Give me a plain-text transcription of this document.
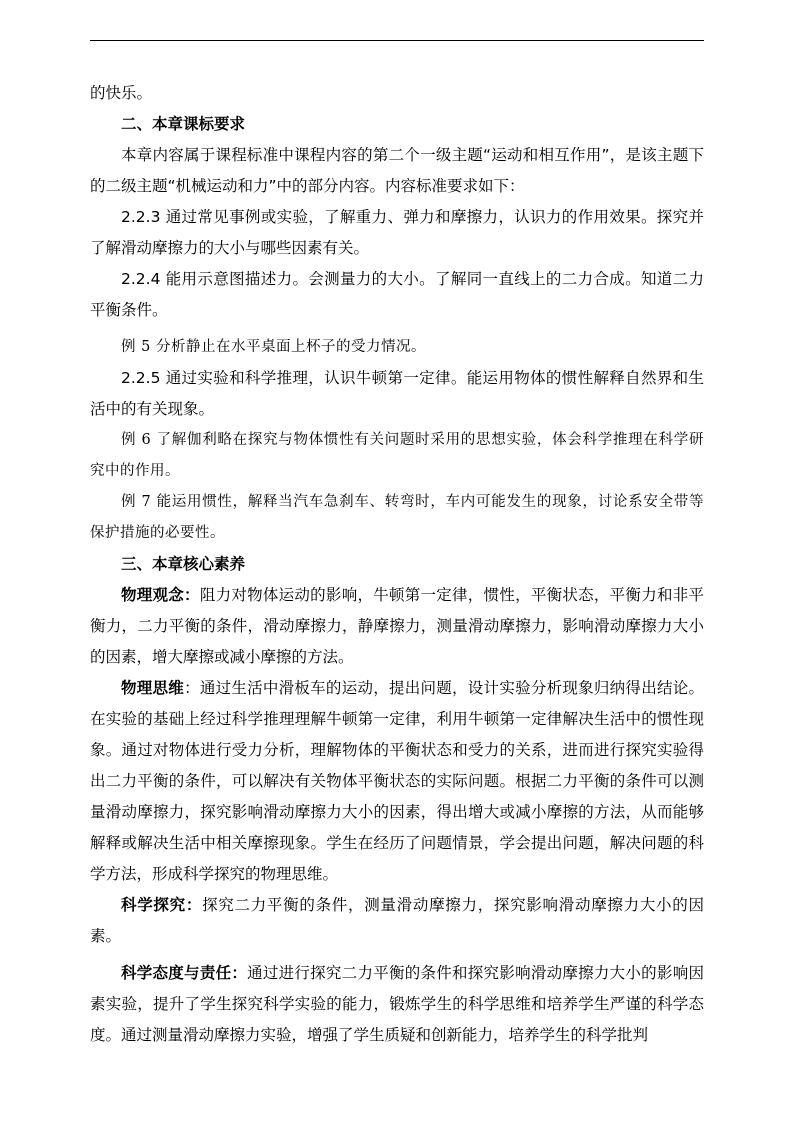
的快乐。

二、本章课标要求

本章内容属于课程标准中课程内容的第二个一级主题“运动和相互作用”，是该主题下的二级主题“机械运动和力”中的部分内容。内容标准要求如下：

2.2.3 通过常见事例或实验，了解重力、弹力和摩擦力，认识力的作用效果。探究并了解滑动摩擦力的大小与哪些因素有关。

2.2.4 能用示意图描述力。会测量力的大小。了解同一直线上的二力合成。知道二力平衡条件。

例 5 分析静止在水平桌面上杯子的受力情况。

2.2.5 通过实验和科学推理，认识牛顿第一定律。能运用物体的惯性解释自然界和生活中的有关现象。

例 6 了解伽利略在探究与物体惯性有关问题时采用的思想实验，体会科学推理在科学研究中的作用。

例 7 能运用惯性，解释当汽车急刹车、转弯时，车内可能发生的现象，讨论系安全带等保护措施的必要性。

三、本章核心素养

物理观念：阻力对物体运动的影响，牛顿第一定律，惯性，平衡状态，平衡力和非平衡力，二力平衡的条件，滑动摩擦力，静摩擦力，测量滑动摩擦力，影响滑动摩擦力大小的因素，增大摩擦或减小摩擦的方法。

物理思维：通过生活中滑板车的运动，提出问题，设计实验分析现象归纳得出结论。在实验的基础上经过科学推理理解牛顿第一定律，利用牛顿第一定律解决生活中的惯性现象。通过对物体进行受力分析，理解物体的平衡状态和受力的关系，进而进行探究实验得出二力平衡的条件，可以解决有关物体平衡状态的实际问题。根据二力平衡的条件可以测量滑动摩擦力，探究影响滑动摩擦力大小的因素，得出增大或减小摩擦的方法，从而能够解释或解决生活中相关摩擦现象。学生在经历了问题情景，学会提出问题，解决问题的科学方法，形成科学探究的物理思维。

科学探究：探究二力平衡的条件，测量滑动摩擦力，探究影响滑动摩擦力大小的因素。

科学态度与责任：通过进行探究二力平衡的条件和探究影响滑动摩擦力大小的影响因素实验，提升了学生探究科学实验的能力，锻炼学生的科学思维和培养学生严谨的科学态度。通过测量滑动摩擦力实验，增强了学生质疑和创新能力，培养学生的科学批判
